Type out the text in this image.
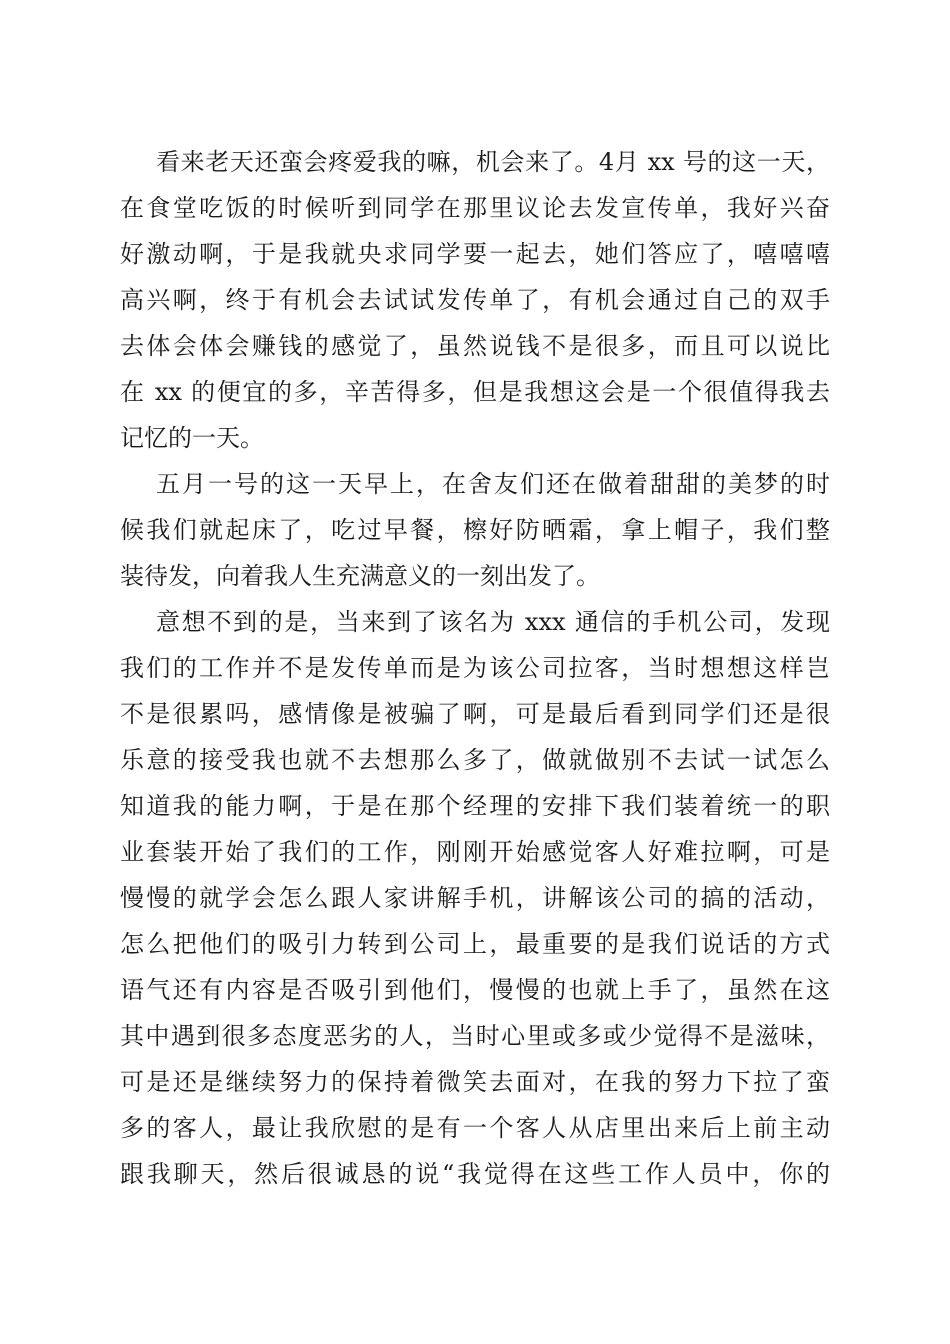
看来老天还蛮会疼爱我的嘛，机会来了。4月 xx 号的这一天，
在食堂吃饭的时候听到同学在那里议论去发宣传单，我好兴奋
好激动啊，于是我就央求同学要一起去，她们答应了，嘻嘻嘻
高兴啊，终于有机会去试试发传单了，有机会通过自己的双手
去体会体会赚钱的感觉了，虽然说钱不是很多，而且可以说比
在 xx 的便宜的多，辛苦得多，但是我想这会是一个很值得我去
记忆的一天。
五月一号的这一天早上，在舍友们还在做着甜甜的美梦的时
候我们就起床了，吃过早餐，檫好防晒霜，拿上帽子，我们整
装待发，向着我人生充满意义的一刻出发了。
意想不到的是，当来到了该名为 xxx 通信的手机公司，发现
我们的工作并不是发传单而是为该公司拉客，当时想想这样岂
不是很累吗，感情像是被骗了啊，可是最后看到同学们还是很
乐意的接受我也就不去想那么多了，做就做别不去试一试怎么
知道我的能力啊，于是在那个经理的安排下我们装着统一的职
业套装开始了我们的工作，刚刚开始感觉客人好难拉啊，可是
慢慢的就学会怎么跟人家讲解手机，讲解该公司的搞的活动，
怎么把他们的吸引力转到公司上，最重要的是我们说话的方式
语气还有内容是否吸引到他们，慢慢的也就上手了，虽然在这
其中遇到很多态度恶劣的人，当时心里或多或少觉得不是滋味，
可是还是继续努力的保持着微笑去面对，在我的努力下拉了蛮
多的客人，最让我欣慰的是有一个客人从店里出来后上前主动
跟我聊天，然后很诚恳的说“我觉得在这些工作人员中，你的
